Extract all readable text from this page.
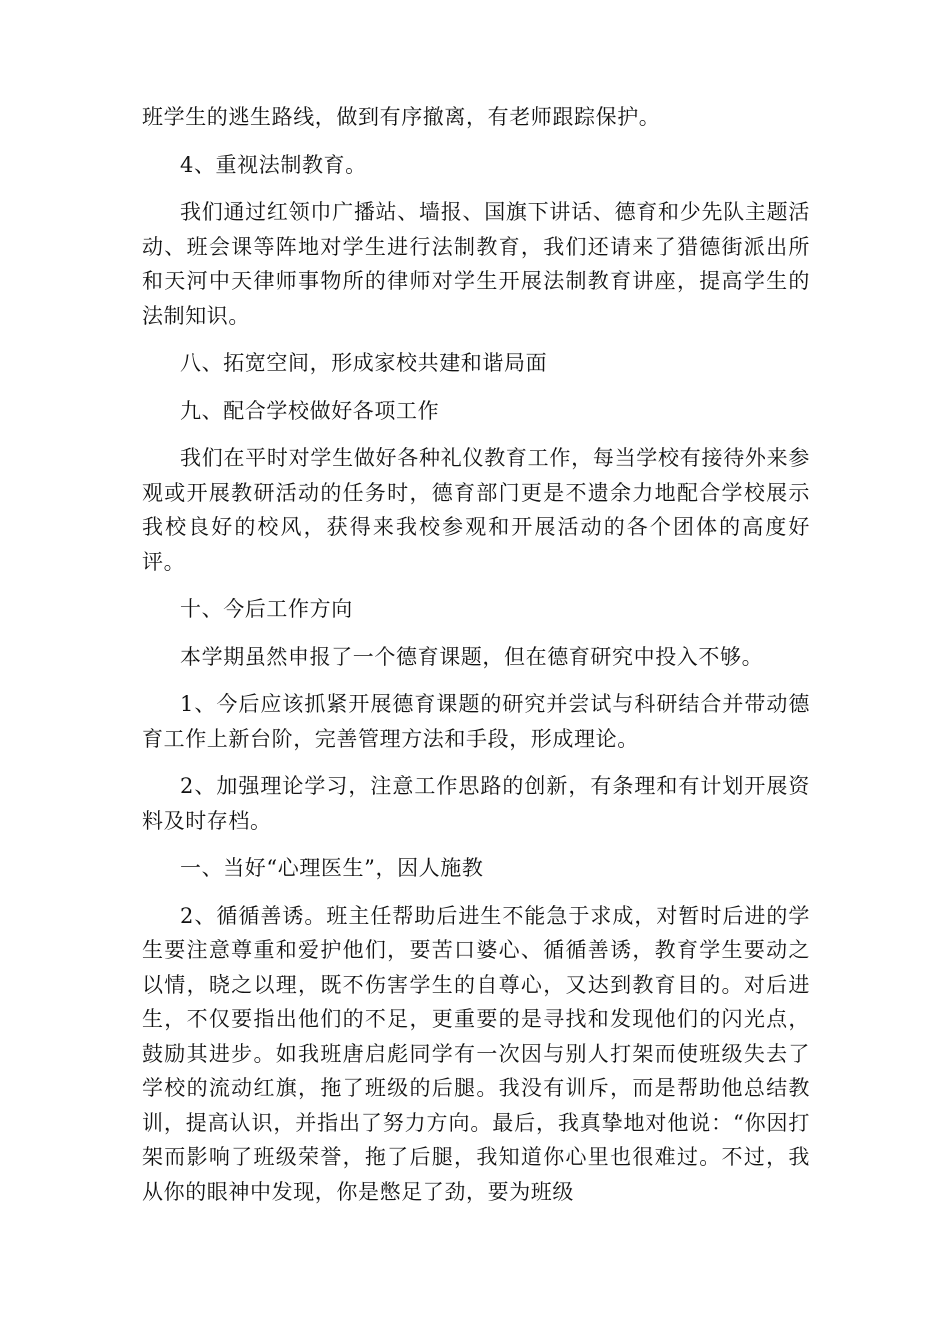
班学生的逃生路线，做到有序撤离，有老师跟踪保护。

4、重视法制教育。

我们通过红领巾广播站、墙报、国旗下讲话、德育和少先队主题活动、班会课等阵地对学生进行法制教育，我们还请来了猎德街派出所和天河中天律师事物所的律师对学生开展法制教育讲座，提高学生的法制知识。

八、拓宽空间，形成家校共建和谐局面

九、配合学校做好各项工作

我们在平时对学生做好各种礼仪教育工作，每当学校有接待外来参观或开展教研活动的任务时，德育部门更是不遗余力地配合学校展示我校良好的校风，获得来我校参观和开展活动的各个团体的高度好评。

十、今后工作方向

本学期虽然申报了一个德育课题，但在德育研究中投入不够。

1、今后应该抓紧开展德育课题的研究并尝试与科研结合并带动德育工作上新台阶，完善管理方法和手段，形成理论。

2、加强理论学习，注意工作思路的创新，有条理和有计划开展资料及时存档。

一、当好“心理医生”，因人施教

2、循循善诱。班主任帮助后进生不能急于求成，对暂时后进的学生要注意尊重和爱护他们，要苦口婆心、循循善诱，教育学生要动之以情，晓之以理，既不伤害学生的自尊心，又达到教育目的。对后进生，不仅要指出他们的不足，更重要的是寻找和发现他们的闪光点，鼓励其进步。如我班唐启彪同学有一次因与别人打架而使班级失去了学校的流动红旗，拖了班级的后腿。我没有训斥，而是帮助他总结教训，提高认识，并指出了努力方向。最后，我真挚地对他说：“你因打架而影响了班级荣誉，拖了后腿，我知道你心里也很难过。不过，我从你的眼神中发现，你是憋足了劲，要为班级
